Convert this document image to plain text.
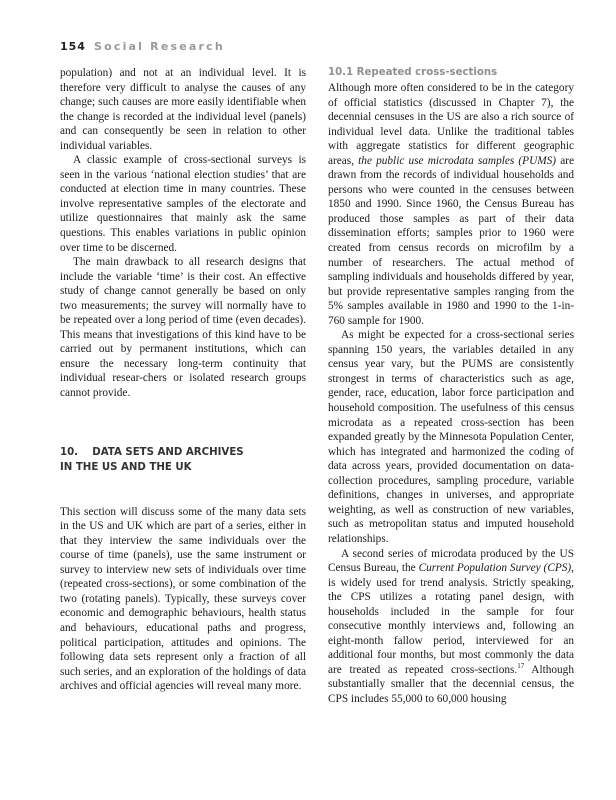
154 Social Research

population) and not at an individual level. It is therefore very difficult to analyse the causes of any change; such causes are more easily identifiable when the change is recorded at the individual level (panels) and can consequently be seen in relation to other individual variables.

A classic example of cross-sectional surveys is seen in the various ‘national election studies’ that are conducted at election time in many countries. These involve representative samples of the electorate and utilize questionnaires that mainly ask the same questions. This enables variations in public opinion over time to be discerned.

The main drawback to all research designs that include the variable ‘time’ is their cost. An effective study of change cannot generally be based on only two measurements; the survey will normally have to be repeated over a long period of time (even decades). This means that investigations of this kind have to be carried out by permanent institutions, which can ensure the necessary long-term continuity that individual resear-chers or isolated research groups cannot provide.

10.    DATA SETS AND ARCHIVES
IN THE US AND THE UK

This section will discuss some of the many data sets in the US and UK which are part of a series, either in that they interview the same individuals over the course of time (panels), use the same instrument or survey to interview new sets of individuals over time (repeated cross-sections), or some combination of the two (rotating panels). Typically, these surveys cover economic and demographic behaviours, health status and behaviours, educational paths and progress, political participation, attitudes and opinions. The following data sets represent only a fraction of all such series, and an exploration of the holdings of data archives and official agencies will reveal many more.

10.1 Repeated cross-sections

Although more often considered to be in the category of official statistics (discussed in Chapter 7), the decennial censuses in the US are also a rich source of individual level data. Unlike the traditional tables with aggregate statistics for different geographic areas, the public use microdata samples (PUMS) are drawn from the records of individual households and persons who were counted in the censuses between 1850 and 1990. Since 1960, the Census Bureau has produced those samples as part of their data dissemination efforts; samples prior to 1960 were created from census records on microfilm by a number of researchers. The actual method of sampling individuals and households differed by year, but provide representative samples ranging from the 5% samples available in 1980 and 1990 to the 1-in-760 sample for 1900.

As might be expected for a cross-sectional series spanning 150 years, the variables detailed in any census year vary, but the PUMS are consistently strongest in terms of characteristics such as age, gender, race, education, labor force participation and household composition. The usefulness of this census microdata as a repeated cross-section has been expanded greatly by the Minnesota Population Center, which has integrated and harmonized the coding of data across years, provided documentation on data-collection procedures, sampling procedure, variable definitions, changes in universes, and appropriate weighting, as well as construction of new variables, such as metropolitan status and imputed household relationships.

A second series of microdata produced by the US Census Bureau, the Current Population Survey (CPS), is widely used for trend analysis. Strictly speaking, the CPS utilizes a rotating panel design, with households included in the sample for four consecutive monthly interviews and, following an eight-month fallow period, interviewed for an additional four months, but most commonly the data are treated as repeated cross-sections.$^{17}$ Although substantially smaller that the decennial census, the CPS includes 55,000 to 60,000 housing
